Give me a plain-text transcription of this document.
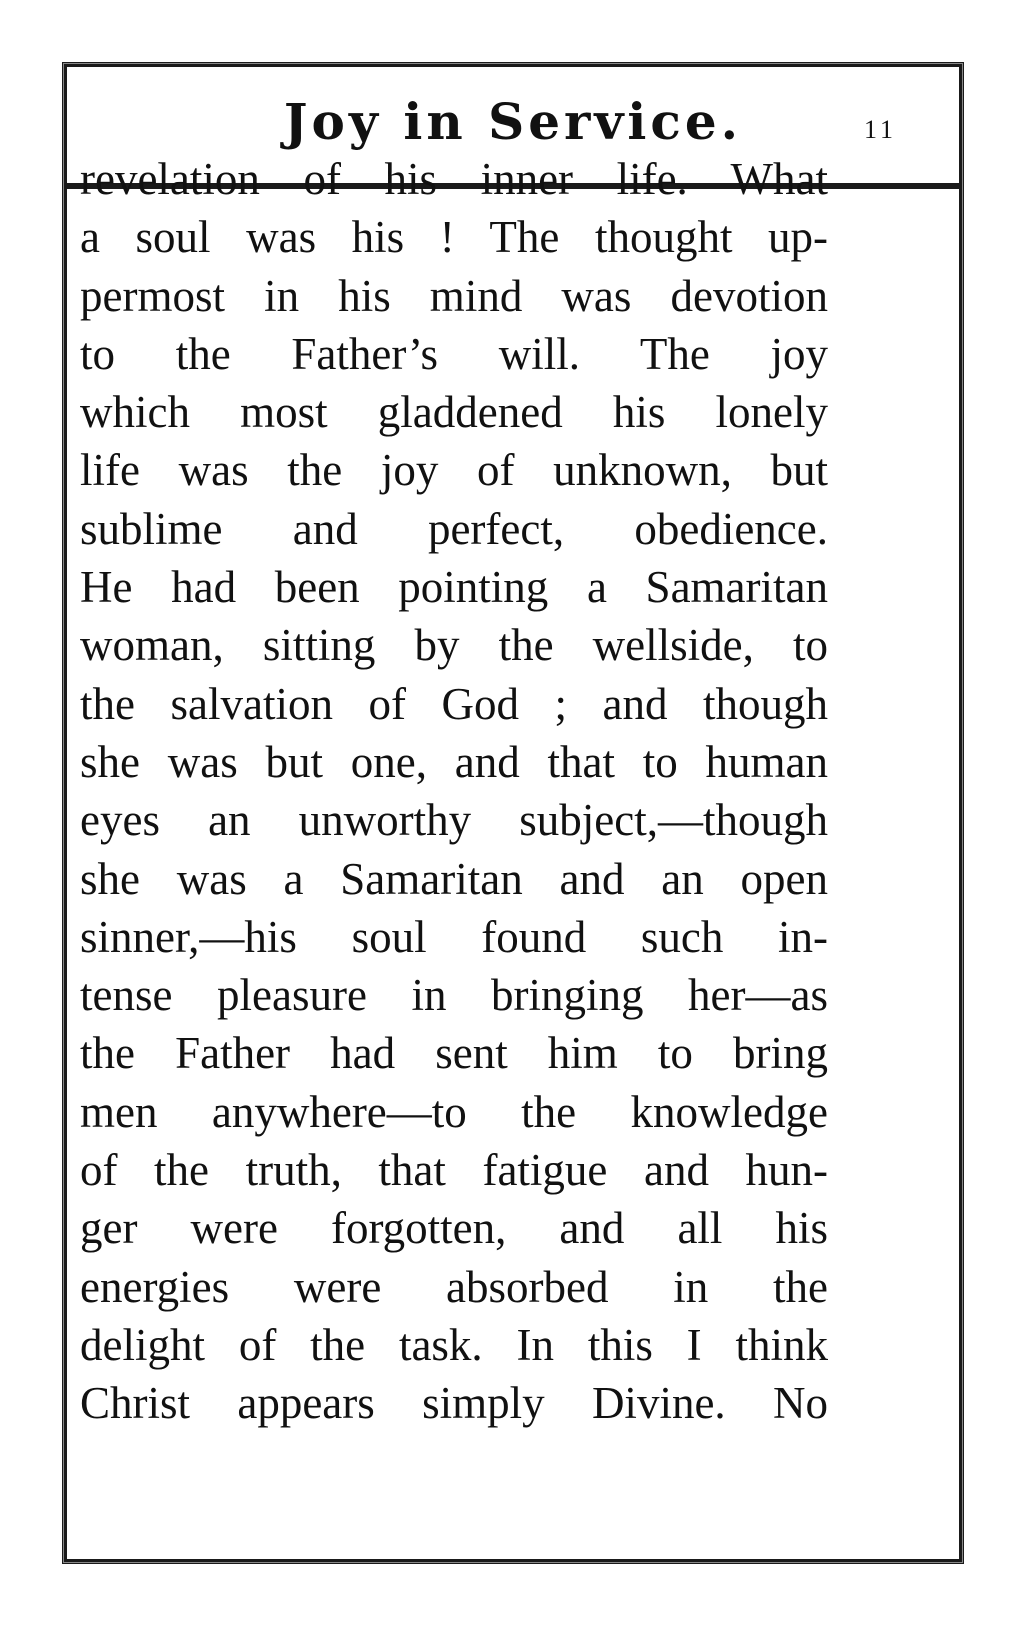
Joy in Service.	11
revelation of his inner life. What
a soul was his ! The thought up-
permost in his mind was devotion
to the Father’s will. The joy
which most gladdened his lonely
life was the joy of unknown, but
sublime and perfect, obedience.
He had been pointing a Samaritan
woman, sitting by the wellside, to
the salvation of God ; and though
she was but one, and that to human
eyes an unworthy subject,—though
she was a Samaritan and an open
sinner,—his soul found such in-
tense pleasure in bringing her—as
the Father had sent him to bring
men anywhere—to the knowledge
of the truth, that fatigue and hun-
ger were forgotten, and all his
energies were absorbed in the
delight of the task. In this I think
Christ appears simply Divine. No
